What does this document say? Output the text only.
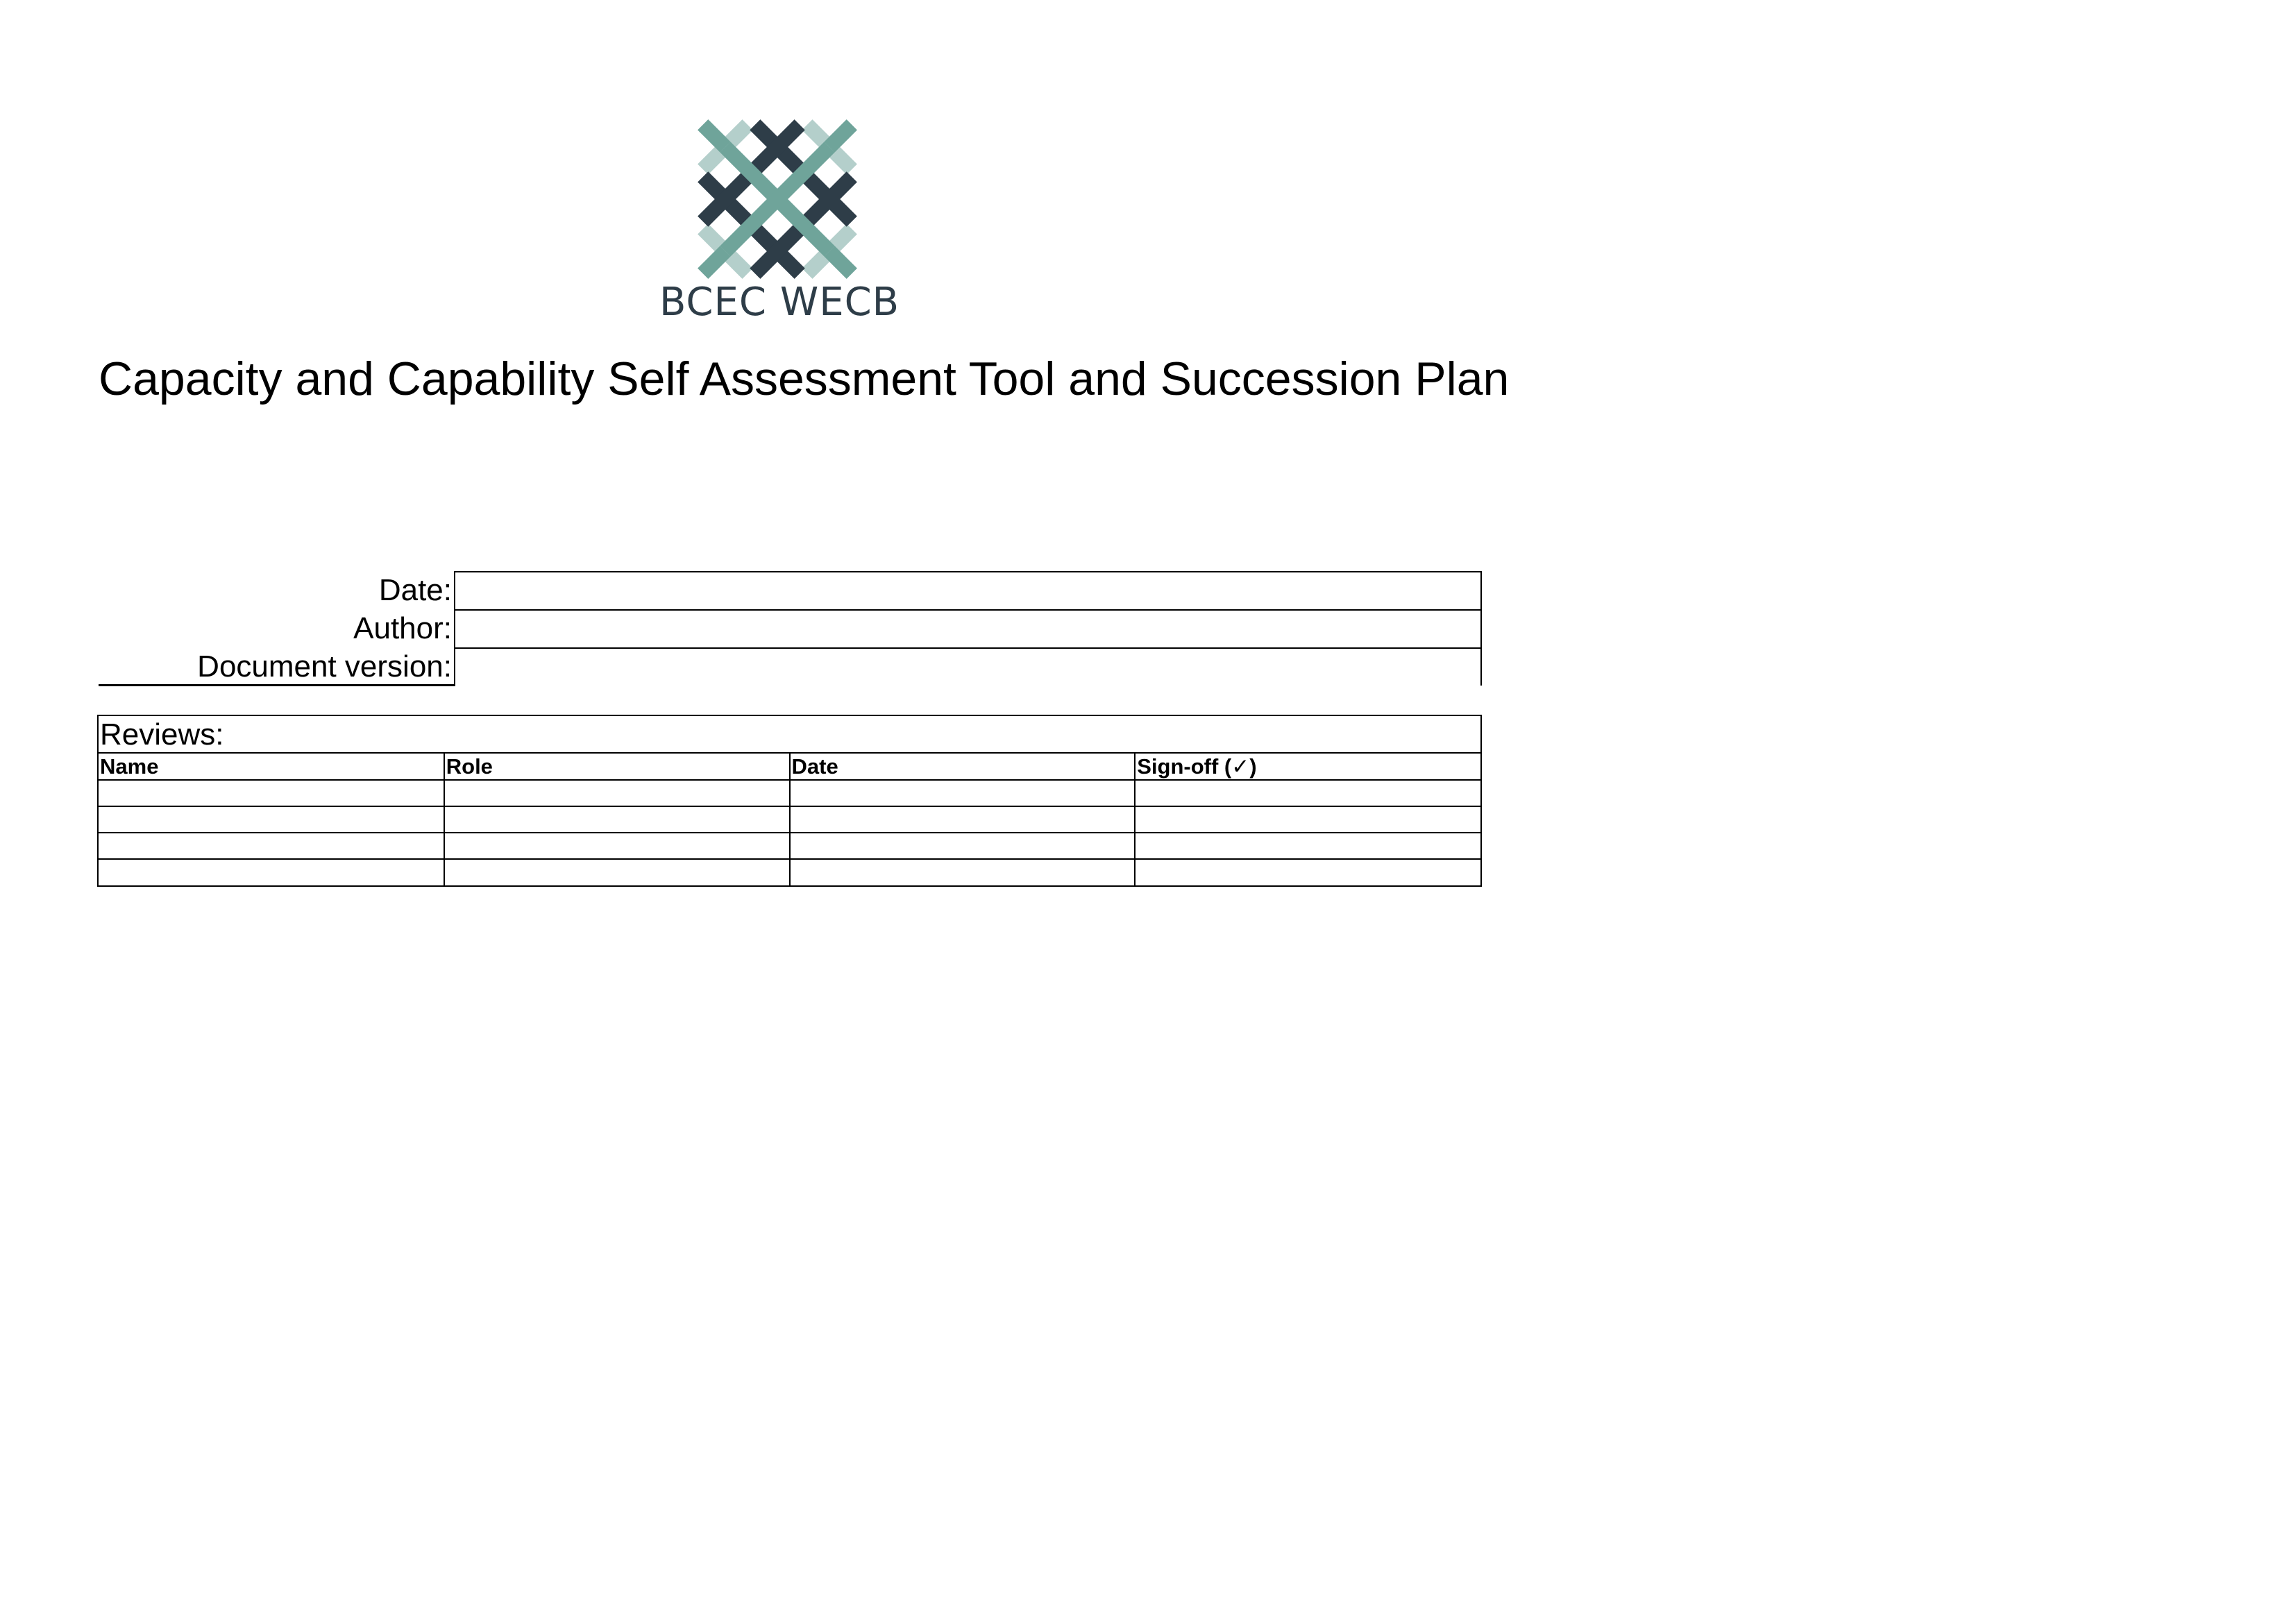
BCEC WECB
Capacity and Capability Self Assessment Tool and Succession Plan
Date:
Author:
Document version:
Reviews:
Name	Role	Date	Sign-off (✓)
